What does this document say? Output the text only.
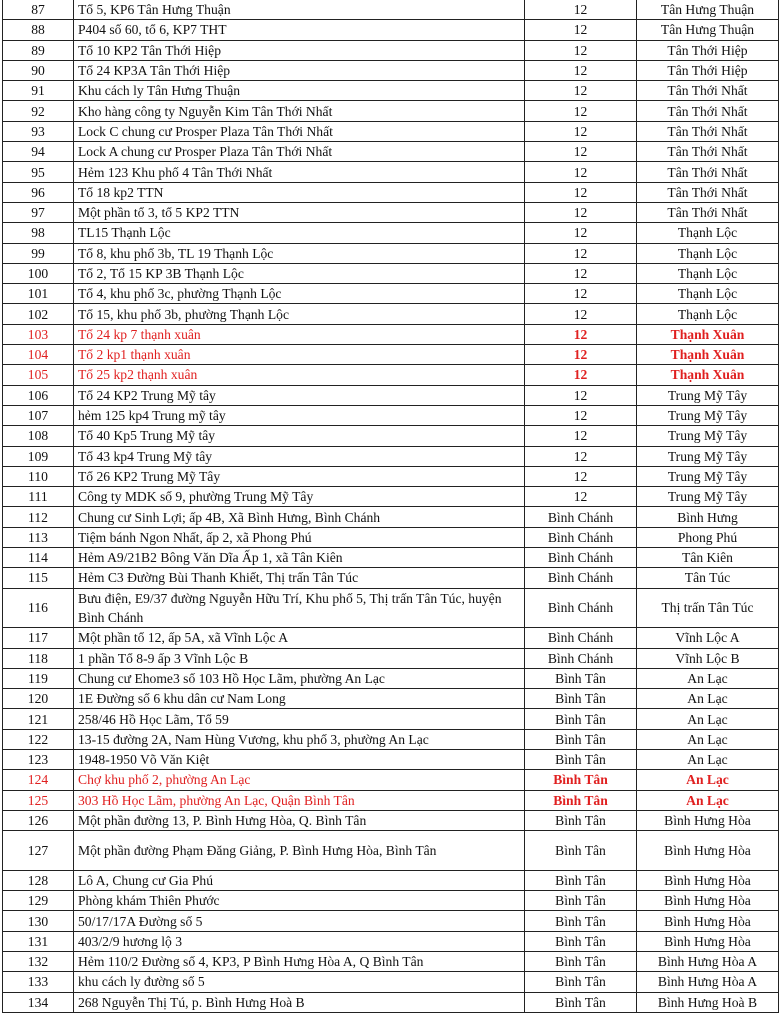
87	Tổ 5, KP6 Tân Hưng Thuận	12	Tân Hưng Thuận
88	P404 số 60, tổ 6, KP7 THT	12	Tân Hưng Thuận
89	Tổ 10 KP2 Tân Thới Hiệp	12	Tân Thới Hiệp
90	Tổ 24 KP3A Tân Thới Hiệp	12	Tân Thới Hiệp
91	Khu cách ly Tân Hưng Thuận	12	Tân Thới Nhất
92	Kho hàng công ty Nguyễn Kim Tân Thới Nhất	12	Tân Thới Nhất
93	Lock C chung cư Prosper Plaza Tân Thới Nhất	12	Tân Thới Nhất
94	Lock A chung cư Prosper Plaza Tân Thới Nhất	12	Tân Thới Nhất
95	Hẻm 123 Khu phố 4 Tân Thới Nhất	12	Tân Thới Nhất
96	Tổ 18 kp2 TTN	12	Tân Thới Nhất
97	Một phần tổ 3, tổ 5 KP2 TTN	12	Tân Thới Nhất
98	TL15 Thạnh Lộc	12	Thạnh Lộc
99	Tổ 8, khu phố 3b, TL 19 Thạnh Lộc	12	Thạnh Lộc
100	Tổ 2, Tổ 15 KP 3B Thạnh Lộc	12	Thạnh Lộc
101	Tổ 4, khu phố 3c, phường Thạnh Lộc	12	Thạnh Lộc
102	Tổ 15, khu phố 3b, phường Thạnh Lộc	12	Thạnh Lộc
103	Tổ 24 kp 7 thạnh xuân	12	Thạnh Xuân
104	Tổ 2 kp1 thạnh xuân	12	Thạnh Xuân
105	Tổ 25 kp2 thạnh xuân	12	Thạnh Xuân
106	Tổ 24 KP2 Trung Mỹ tây	12	Trung Mỹ Tây
107	hẻm 125 kp4 Trung mỹ tây	12	Trung Mỹ Tây
108	Tổ 40 Kp5 Trung Mỹ tây	12	Trung Mỹ Tây
109	Tổ 43 kp4 Trung Mỹ tây	12	Trung Mỹ Tây
110	Tổ 26 KP2 Trung Mỹ Tây	12	Trung Mỹ Tây
111	Công ty MDK số 9, phường Trung Mỹ Tây	12	Trung Mỹ Tây
112	Chung cư Sinh Lợi; ấp 4B, Xã Bình Hưng, Bình Chánh	Bình Chánh	Bình Hưng
113	Tiệm bánh Ngon Nhất, ấp 2, xã Phong Phú	Bình Chánh	Phong Phú
114	Hẻm A9/21B2 Bông Văn Dĩa Ấp 1, xã Tân Kiên	Bình Chánh	Tân Kiên
115	Hẻm C3 Đường Bùi Thanh Khiết, Thị trấn Tân Túc	Bình Chánh	Tân Túc
116	Bưu điện, E9/37 đường Nguyễn Hữu Trí, Khu phố 5, Thị trấn Tân Túc, huyện Bình Chánh	Bình Chánh	Thị trấn Tân Túc
117	Một phần tổ 12, ấp 5A, xã Vĩnh Lộc A	Bình Chánh	Vĩnh Lộc A
118	1 phần Tổ 8-9 ấp 3 Vĩnh Lộc B	Bình Chánh	Vĩnh Lộc B
119	Chung cư Ehome3 số 103 Hồ Học Lãm, phường An Lạc	Bình Tân	An Lạc
120	1E Đường số 6 khu dân cư Nam Long	Bình Tân	An Lạc
121	258/46 Hồ Học Lãm, Tổ 59	Bình Tân	An Lạc
122	13-15 đường 2A, Nam Hùng Vương, khu phố 3, phường An Lạc	Bình Tân	An Lạc
123	1948-1950 Võ Văn Kiệt	Bình Tân	An Lạc
124	Chợ khu phố 2, phường An Lạc	Bình Tân	An Lạc
125	303 Hồ Học Lãm, phường An Lạc, Quận Bình Tân	Bình Tân	An Lạc
126	Một phần đường 13, P. Bình Hưng Hòa, Q. Bình Tân	Bình Tân	Bình Hưng Hòa
127	Một phần đường Phạm Đăng Giảng, P. Bình Hưng Hòa, Bình Tân	Bình Tân	Bình Hưng Hòa
128	Lô A, Chung cư Gia Phú	Bình Tân	Bình Hưng Hòa
129	Phòng khám Thiên Phước	Bình Tân	Bình Hưng Hòa
130	50/17/17A Đường số 5	Bình Tân	Bình Hưng Hòa
131	403/2/9 hương lộ 3	Bình Tân	Bình Hưng Hòa
132	Hẻm 110/2 Đường số 4, KP3, P Bình Hưng Hòa A, Q Bình Tân	Bình Tân	Bình Hưng Hòa A
133	khu cách ly đường số 5	Bình Tân	Bình Hưng Hòa A
134	268 Nguyễn Thị Tú, p. Bình Hưng Hoà B	Bình Tân	Bình Hưng Hoà B
